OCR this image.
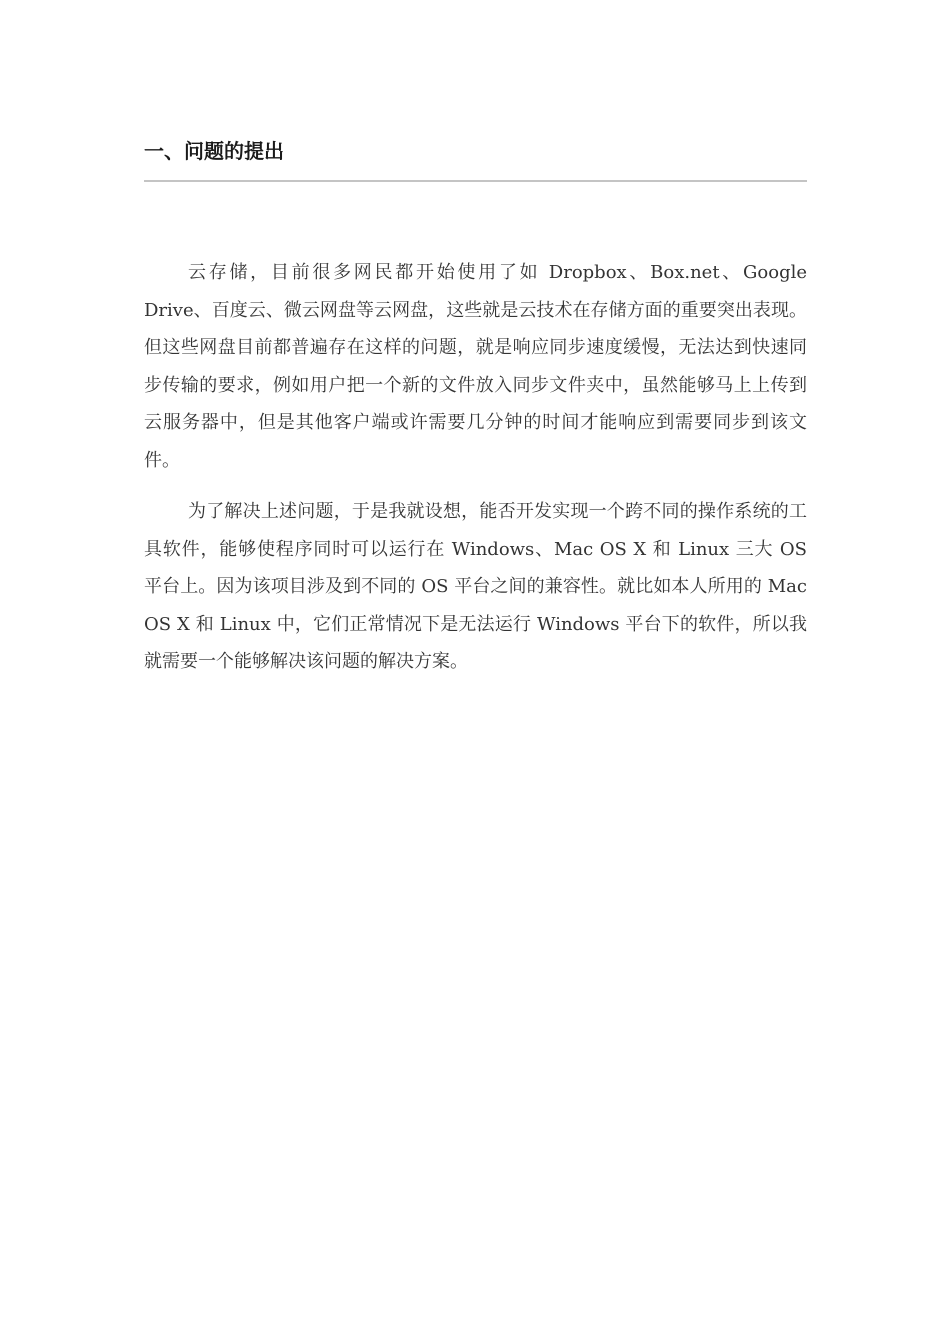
一、问题的提出

云存储，目前很多网民都开始使用了如 Dropbox、Box.net、Google Drive、百度云、微云网盘等云网盘，这些就是云技术在存储方面的重要突出表现。但这些网盘目前都普遍存在这样的问题，就是响应同步速度缓慢，无法达到快速同步传输的要求，例如用户把一个新的文件放入同步文件夹中，虽然能够马上上传到云服务器中，但是其他客户端或许需要几分钟的时间才能响应到需要同步到该文件。

为了解决上述问题，于是我就设想，能否开发实现一个跨不同的操作系统的工具软件，能够使程序同时可以运行在 Windows、Mac OS X 和 Linux 三大 OS 平台上。因为该项目涉及到不同的 OS 平台之间的兼容性。就比如本人所用的 Mac OS X 和 Linux 中，它们正常情况下是无法运行 Windows 平台下的软件，所以我就需要一个能够解决该问题的解决方案。
